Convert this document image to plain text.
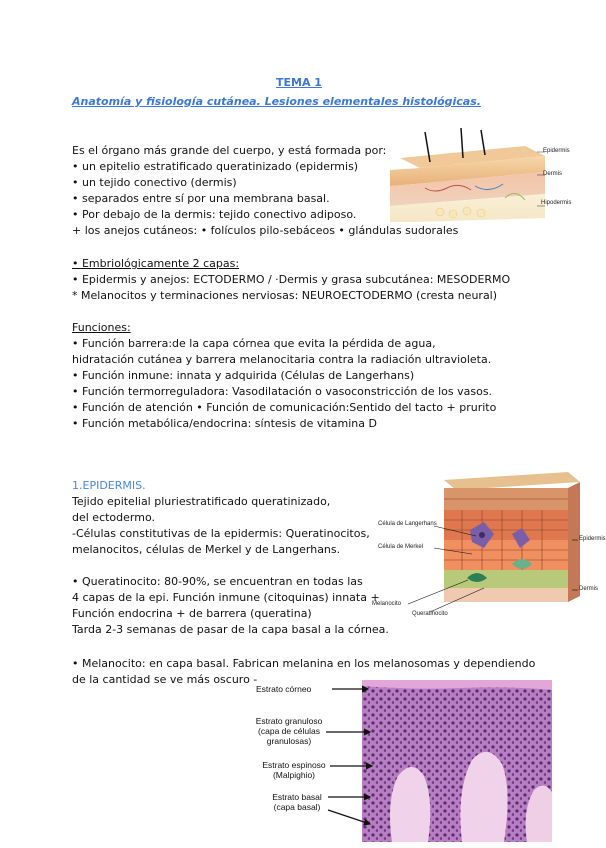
TEMA 1
Anatomía y fisiología cutánea. Lesiones elementales histológicas.
Es el órgano más grande del cuerpo, y está formada por:
• un epitelio estratificado queratinizado (epidermis)
• un tejido conectivo (dermis)
• separados entre sí por una membrana basal.
• Por debajo de la dermis: tejido conectivo adiposo.
+ los anejos cutáneos: • folículos pilo-sebáceos • glándulas sudorales
Epidermis
Dermis
Hipodermis
• Embriológicamente 2 capas:
• Epidermis y anejos: ECTODERMO / ·Dermis y grasa subcutánea: MESODERMO
* Melanocitos y terminaciones nerviosas: NEUROECTODERMO (cresta neural)
Funciones:
• Función barrera:de la capa córnea que evita la pérdida de agua,
hidratación cutánea y barrera melanocitaria contra la radiación ultravioleta.
• Función inmune: innata y adquirida (Células de Langerhans)
• Función termorreguladora: Vasodilatación o vasoconstricción de los vasos.
• Función de atención • Función de comunicación:Sentido del tacto + prurito
• Función metabólica/endocrina: síntesis de vitamina D
1.EPIDERMIS.
Tejido epitelial pluriestratificado queratinizado,
del ectodermo.
-Células constitutivas de la epidermis: Queratinocitos,
melanocitos, células de Merkel y de Langerhans.
• Queratinocito: 80-90%, se encuentran en todas las
4 capas de la epi. Función inmune (citoquinas) innata +
Función endocrina + de barrera (queratina)
Tarda 2-3 semanas de pasar de la capa basal a la córnea.
Célula de Langerhans
Célula de Merkel
Epidermis
Melanocito
Queratinocito
Dermis
• Melanocito: en capa basal. Fabrican melanina en los melanosomas y dependiendo
de la cantidad se ve más oscuro -
Estrato córneo
Estrato granuloso
(capa de células
granulosas)
Estrato espinoso
(Malpighio)
Estrato basal
(capa basal)
